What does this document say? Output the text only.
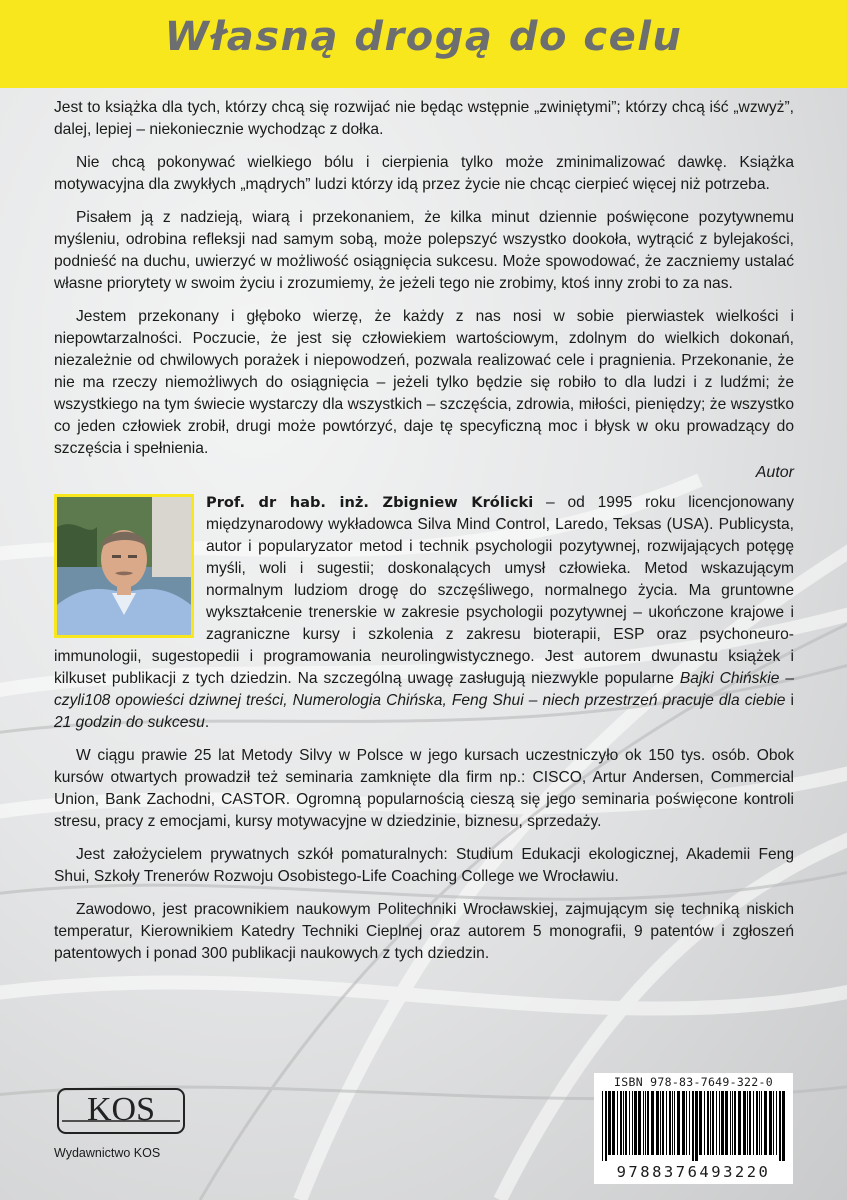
Własną drogą do celu

Jest to książka dla tych, którzy chcą się rozwijać nie będąc wstępnie „zwiniętymi”; którzy chcą iść „wzwyż”, dalej, lepiej – niekoniecznie wychodząc z dołka.

Nie chcą pokonywać wielkiego bólu i cierpienia tylko może zminimalizować dawkę. Książka motywacyjna dla zwykłych „mądrych” ludzi którzy idą przez życie nie chcąc cierpieć więcej niż potrzeba.

Pisałem ją z nadzieją, wiarą i przekonaniem, że kilka minut dziennie poświęcone pozytywnemu myśleniu, odrobina refleksji nad samym sobą, może polepszyć wszystko dookoła, wytrącić z bylejakości, podnieść na duchu, uwierzyć w możliwość osiągnięcia sukcesu. Może spowodować, że zaczniemy ustalać własne priorytety w swoim życiu i zrozumiemy, że jeżeli tego nie zrobimy, ktoś inny zrobi to za nas.

Jestem przekonany i głęboko wierzę, że każdy z nas nosi w sobie pierwiastek wielkości i niepowtarzalności. Poczucie, że jest się człowiekiem wartościowym, zdolnym do wielkich dokonań, niezależnie od chwilowych porażek i niepowodzeń, pozwala realizować cele i pragnienia. Przekonanie, że nie ma rzeczy niemożliwych do osiągnięcia – jeżeli tylko będzie się robiło to dla ludzi i z ludźmi; że wszystkiego na tym świecie wystarczy dla wszystkich – szczęścia, zdrowia, miłości, pieniędzy; że wszystko co jeden człowiek zrobił, drugi może powtórzyć, daje tę specyficzną moc i błysk w oku prowadzący do szczęścia i spełnienia.

Autor

Prof. dr hab. inż. Zbigniew Królicki – od 1995 roku licencjonowany międzynarodowy wykładowca Silva Mind Control, Laredo, Teksas (USA). Publicysta, autor i popularyzator metod i technik psychologii pozytywnej, rozwijających potęgę myśli, woli i sugestii; doskonalących umysł człowieka. Metod wskazującym normalnym ludziom drogę do szczęśliwego, normalnego życia. Ma gruntowne wykształcenie trenerskie w zakresie psychologii pozytywnej – ukończone krajowe i zagraniczne kursy i szkolenia z zakresu bioterapii, ESP oraz psychoneuro-immunologii, sugestopedii i programowania neurolingwistycznego. Jest autorem dwunastu książek i kilkuset publikacji z tych dziedzin. Na szczególną uwagę zasługują niezwykle popularne Bajki Chińskie – czyli108 opowieści dziwnej treści, Numerologia Chińska, Feng Shui – niech przestrzeń pracuje dla ciebie i 21 godzin do sukcesu.

W ciągu prawie 25 lat Metody Silvy w Polsce w jego kursach uczestniczyło ok 150 tys. osób. Obok kursów otwartych prowadził też seminaria zamknięte dla firm np.: CISCO, Artur Andersen, Commercial Union, Bank Zachodni, CASTOR. Ogromną popularnością cieszą się jego seminaria poświęcone kontroli stresu, pracy z emocjami, kursy motywacyjne w dziedzinie, biznesu, sprzedaży.

Jest założycielem prywatnych szkół pomaturalnych: Studium Edukacji ekologicznej, Akademii Feng Shui, Szkoły Trenerów Rozwoju Osobistego-Life Coaching College we Wrocławiu.

Zawodowo, jest pracownikiem naukowym Politechniki Wrocławskiej, zajmującym się techniką niskich temperatur, Kierownikiem Katedry Techniki Cieplnej oraz autorem 5 monografii, 9 patentów i zgłoszeń patentowych i ponad 300 publikacji naukowych z tych dziedzin.

KOS
Wydawnictwo KOS
ISBN 978-83-7649-322-0
9788376493220
